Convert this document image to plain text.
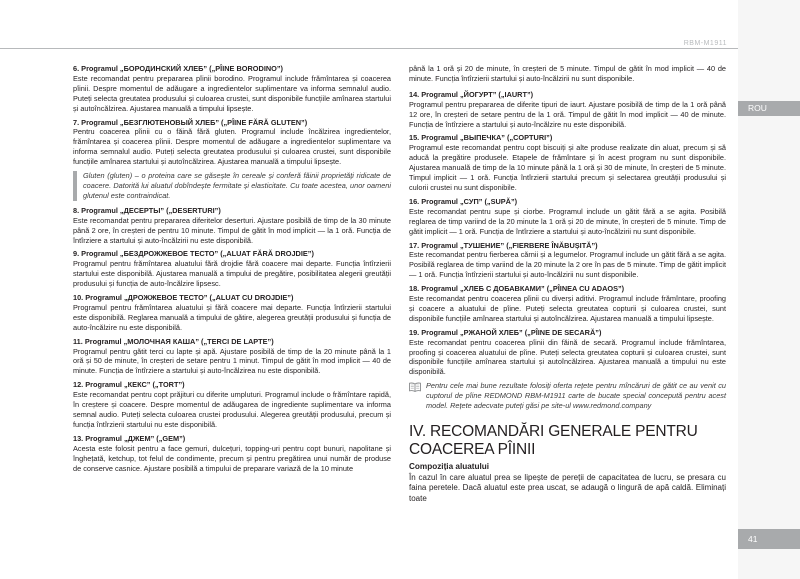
RBM-M1911
ROU
41
6. Programul „БОРОДИНСКИЙ ХЛЕБ” („PÎINE BORODINO”)

Este recomandat pentru prepararea pîinii borodino. Programul include frămîntarea și coacerea pîinii. Despre momentul de adăugare a ingredientelor suplimentare va informa semnalul audio. Puteți selecta greutatea produsului și culoarea crustei, sunt disponibile funcțiile amînarea startului și autoîncălzirea. Ajustarea manuală a timpului lipsește.

7. Programul „БЕЗГЛЮТЕНОВЫЙ ХЛЕБ” („PÎINE FĂRĂ GLUTEN”)

Pentru coacerea pîinii cu o făină fără gluten. Programul include încălzirea ingredientelor, frămîntarea și coacerea pîinii. Despre momentul de adăugare a ingredientelor suplimentare va informa semnalul audio. Puteți selecta greutatea produsului și culoarea crustei, sunt disponibile funcțiile amînarea startului și autoîncălzirea. Ajustarea manuală a timpului lipsește.

Gluten (gluten) – o proteina care se găsește în cereale și conferă făinii proprietăți ridicate de coacere. Datorită lui aluatul dobîndește fermitate și elasticitate. Cu toate acestea, unor oameni glutenul este contraindicat.

8. Programul „ДЕСЕРТЫ” („DESERTURI”)

Este recomandat pentru prepararea diferitelor deserturi. Ajustare posibilă de timp de la 30 minute până 2 ore, în creșteri de pentru 10 minute. Timpul de gătit în mod implicit — la 1 oră. Funcția de întîrziere a startului și auto-încălzirii nu este disponibilă.

9. Programul „БЕЗДРОЖЖЕВОЕ ТЕСТО” („ALUAT FĂRĂ DROJDIE”)

Programul pentru frămîntarea aluatului fără drojdie fără coacere mai departe. Funcția întîrzierii startului este disponibilă. Ajustarea manuală a timpului de pregătire, posibilitatea alegerii greutății produsului și funcția de auto-încălzire lipsesc.

10. Programul „ДРОЖЖЕВОЕ ТЕСТО” („ALUAT CU DROJDIE”)

Programul pentru frămîntarea aluatului și fără coacere mai departe. Funcția întîrzierii startului este disponibilă. Reglarea manuală a timpului de gătire, alegerea greutății produsului și funcția de auto-încălzire nu este disponibilă.

11. Programul „МОЛОЧНАЯ КАША” („TERCI DE LAPTE”)

Programul pentru gătit terci cu lapte și apă. Ajustare posibilă de timp de la 20 minute până la 1 oră și 50 de minute, în creșteri de setare pentru 1 minut. Timpul de gătit în mod implicit — 40 de minute. Funcția de întîrziere a startului și auto-încălzirea nu este disponibilă.

12. Programul „КЕКС” („TORT”)

Este recomandat pentru copt prăjituri cu diferite umpluturi. Programul include o frămîntare rapidă, în creștere și coacere. Despre momentul de adăugarea de ingrediente suplimentare va informa semnal audio. Puteți selecta culoarea crustei produsului. Alegerea greutății produsului, precum și funcția întîrzierii startului nu este disponibilă.

13. Programul „ДЖЕМ” („GEM”)

Acesta este folosit pentru a face gemuri, dulcețuri, topping-uri pentru copt bunuri, napolitane și înghețată, ketchup, tot felul de condimente, precum și pentru pregătirea unui număr de produse de conserve casnice. Ajustare posibilă a timpului de preparare variază de la 10 minute

până la 1 oră și 20 de minute, în creșteri de 5 minute. Timpul de gătit în mod implicit — 40 de minute. Funcția întîrzierii startului și auto-încălzirii nu sunt disponibile.

14. Programul „ЙОГУРТ” („IAURT”)

Programul pentru prepararea de diferite tipuri de iaurt. Ajustare posibilă de timp de la 1 oră până 12 ore, în creșteri de setare pentru de la 1 oră. Timpul de gătit în mod implicit — 40 de minute. Funcția de întîrziere a startului și auto-încălzire nu este disponibilă.

15. Programul „ВЫПЕЧКА” („COPTURI”)

Programul este recomandat pentru copt biscuiți și alte produse realizate din aluat, precum și să aducă la pregătire produsele. Etapele de frămîntare și în acest program nu sunt disponibile. Ajustarea manuală de timp de la 10 minute până la 1 oră și 30 de minute, în creșteri de 5 minute. Timpul implicit — 1 oră. Funcția întîrzierii startului precum și selectarea greutății produsului și culorii crustei nu sunt disponibile.

16. Programul „СУП” („SUPĂ”)

Este recomandat pentru supe și ciorbe. Programul include un gătit fără a se agita. Posibilă reglarea de timp variind de la 20 minute la 1 oră și 20 de minute, în creșteri de 5 minute. Timp de gătit implicit — 1 oră. Funcția de întîrziere a startului și auto-încălzirii nu sunt disponibile.

17. Programul „ТУШЕНИЕ” („FIERBERE ÎNĂBUȘITĂ”)

Este recomandat pentru fierberea cărnii și a legumelor. Programul include un gătit fără a se agita. Posibilă reglarea de timp variind de la 20 minute la 2 ore în pas de 5 minute. Timp de gătit implicit — 1 oră. Funcția întîrzierii startului și auto-încălzirii nu sunt disponibile.

18. Programul „ХЛЕБ С ДОБАВКАМИ” („PÎINEA CU ADAOS”)

Este recomandat pentru coacerea pîinii cu diverși aditivi. Programul include frămîntare, proofing și coacere a aluatului de pîine. Puteți selecta greutatea copturii și culoarea crustei, sunt disponibile funcțiile amînarea startului și autoîncălzirea. Ajustarea manuală a timpului lipsește.

19. Programul „РЖАНОЙ ХЛЕБ” („PÎINE DE SECARĂ”)

Este recomandat pentru coacerea pîinii din făină de secară. Programul include frămîntarea, proofing și coacerea aluatului de pîine. Puteți selecta greutatea copturii și culoarea crustei, sunt disponibile funcțiile amînarea startului și autoîncălzirea. Ajustarea manuală a timpului nu este disponibilă.

Pentru cele mai bune rezultate folosiți oferta rețete pentru mîncăruri de gătit ce au venit cu cuptorul de pîine REDMOND RBM-M1911 carte de bucate special concepută pentru acest model. Rețete adecvate puteți găsi pe site-ul www.redmond.company

IV. RECOMANDĂRI GENERALE PENTRU COACEREA PÎINII
Compoziția aluatului

În cazul în care aluatul prea se lipește de pereții de capacitatea de lucru, se presara cu faina peretele. Dacă aluatul este prea uscat, se adaugă o lingură de apă caldă. Eliminați toate
